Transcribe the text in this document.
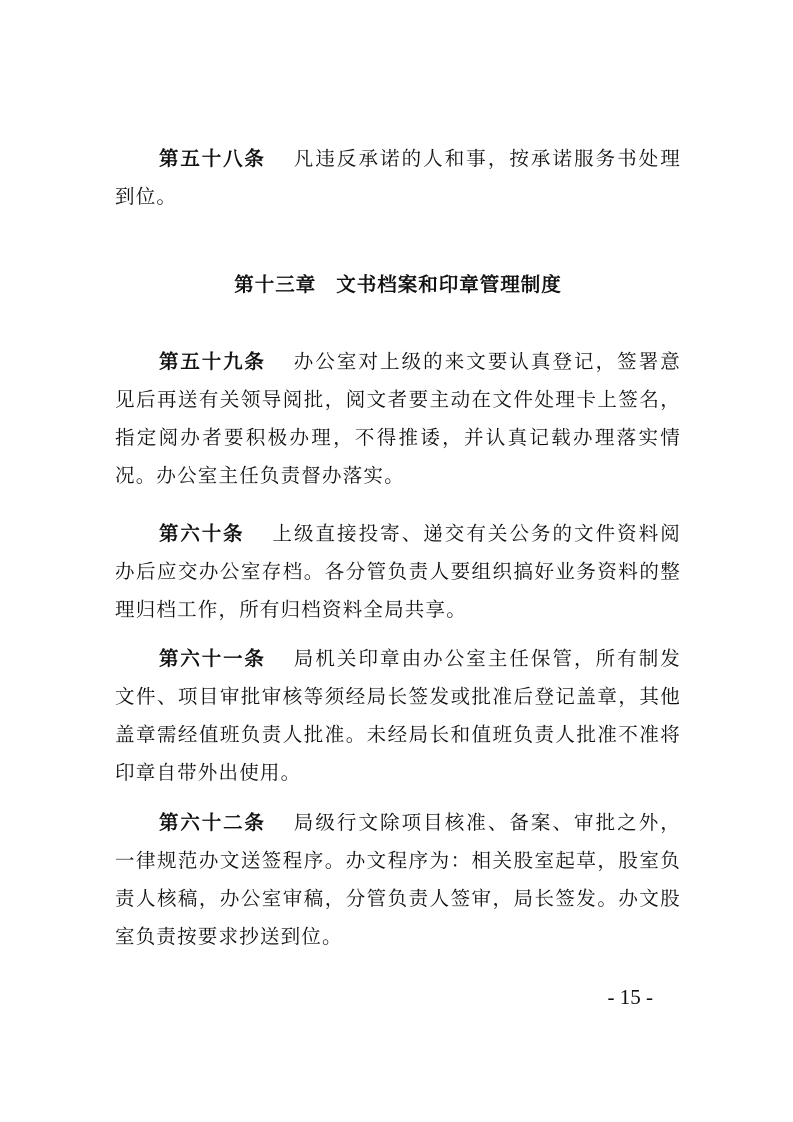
第五十八条 凡违反承诺的人和事，按承诺服务书处理到位。

第十三章 文书档案和印章管理制度

第五十九条 办公室对上级的来文要认真登记，签署意见后再送有关领导阅批，阅文者要主动在文件处理卡上签名，指定阅办者要积极办理，不得推诿，并认真记载办理落实情况。办公室主任负责督办落实。

第六十条 上级直接投寄、递交有关公务的文件资料阅办后应交办公室存档。各分管负责人要组织搞好业务资料的整理归档工作，所有归档资料全局共享。

第六十一条 局机关印章由办公室主任保管，所有制发文件、项目审批审核等须经局长签发或批准后登记盖章，其他盖章需经值班负责人批准。未经局长和值班负责人批准不准将印章自带外出使用。

第六十二条 局级行文除项目核准、备案、审批之外，一律规范办文送签程序。办文程序为：相关股室起草，股室负责人核稿，办公室审稿，分管负责人签审，局长签发。办文股室负责按要求抄送到位。

- 15 -
